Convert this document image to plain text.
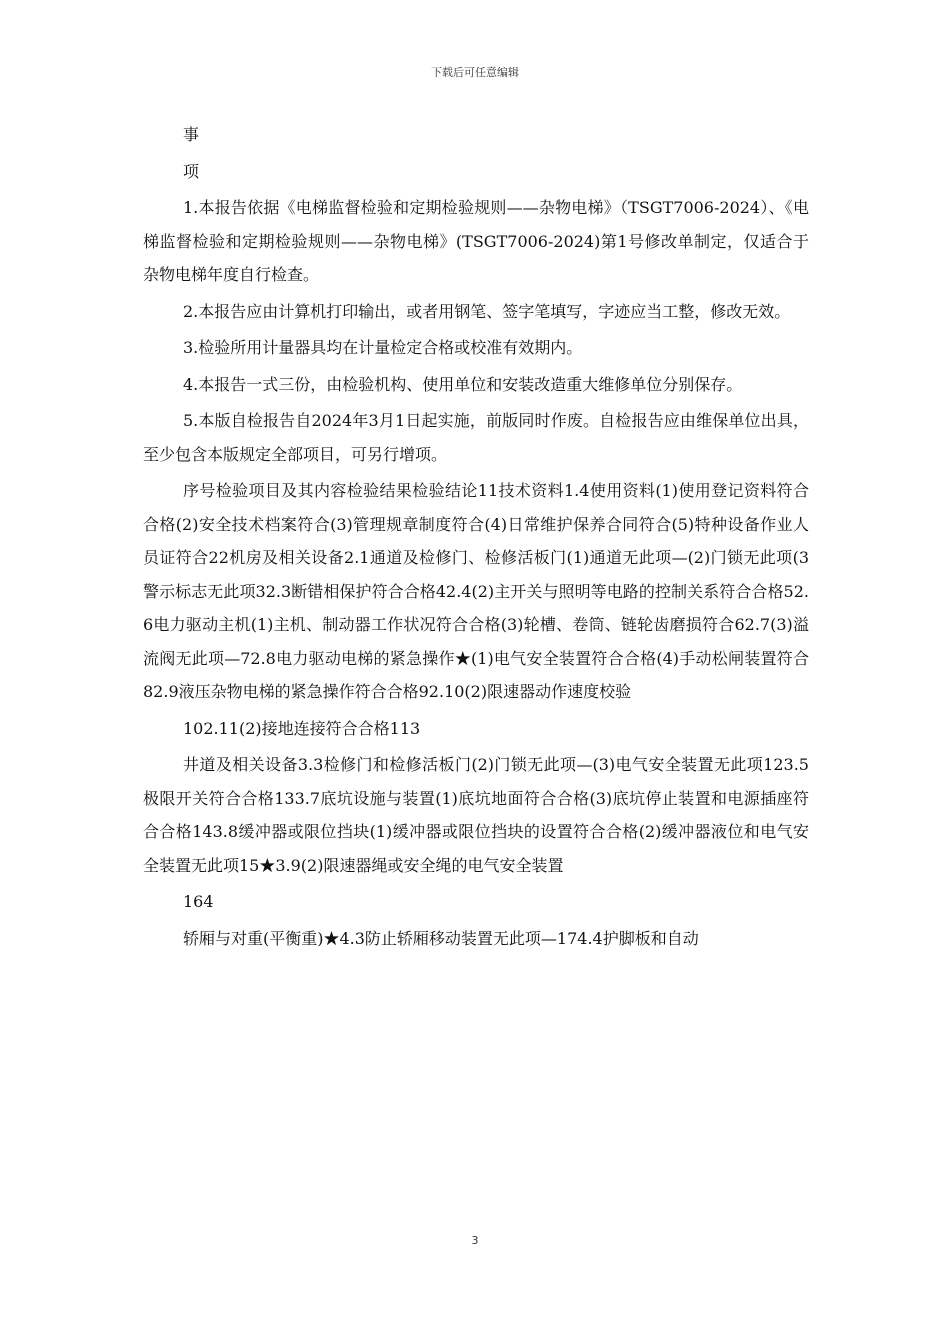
下载后可任意编辑

事

项

1.本报告依据《电梯监督检验和定期检验规则——杂物电梯》（TSGT7006-2024）、《电梯监督检验和定期检验规则——杂物电梯》(TSGT7006-2024)第1号修改单制定，仅适合于杂物电梯年度自行检查。

2.本报告应由计算机打印输出，或者用钢笔、签字笔填写，字迹应当工整，修改无效。

3.检验所用计量器具均在计量检定合格或校准有效期内。

4.本报告一式三份，由检验机构、使用单位和安装改造重大维修单位分别保存。

5.本版自检报告自2024年3月1日起实施，前版同时作废。自检报告应由维保单位出具，至少包含本版规定全部项目，可另行增项。

序号检验项目及其内容检验结果检验结论11技术资料1.4使用资料(1)使用登记资料符合合格(2)安全技术档案符合(3)管理规章制度符合(4)日常维护保养合同符合(5)特种设备作业人员证符合22机房及相关设备2.1通道及检修门、检修活板门(1)通道无此项—(2)门锁无此项(3警示标志无此项32.3断错相保护符合合格42.4(2)主开关与照明等电路的控制关系符合合格52.6电力驱动主机(1)主机、制动器工作状况符合合格(3)轮槽、卷筒、链轮齿磨损符合62.7(3)溢流阀无此项—72.8电力驱动电梯的紧急操作★(1)电气安全装置符合合格(4)手动松闸装置符合82.9液压杂物电梯的紧急操作符合合格92.10(2)限速器动作速度校验

102.11(2)接地连接符合合格113

井道及相关设备3.3检修门和检修活板门(2)门锁无此项—(3)电气安全装置无此项123.5极限开关符合合格133.7底坑设施与装置(1)底坑地面符合合格(3)底坑停止装置和电源插座符合合格143.8缓冲器或限位挡块(1)缓冲器或限位挡块的设置符合合格(2)缓冲器液位和电气安全装置无此项15★3.9(2)限速器绳或安全绳的电气安全装置

164

轿厢与对重(平衡重)★4.3防止轿厢移动装置无此项—174.4护脚板和自动

3
